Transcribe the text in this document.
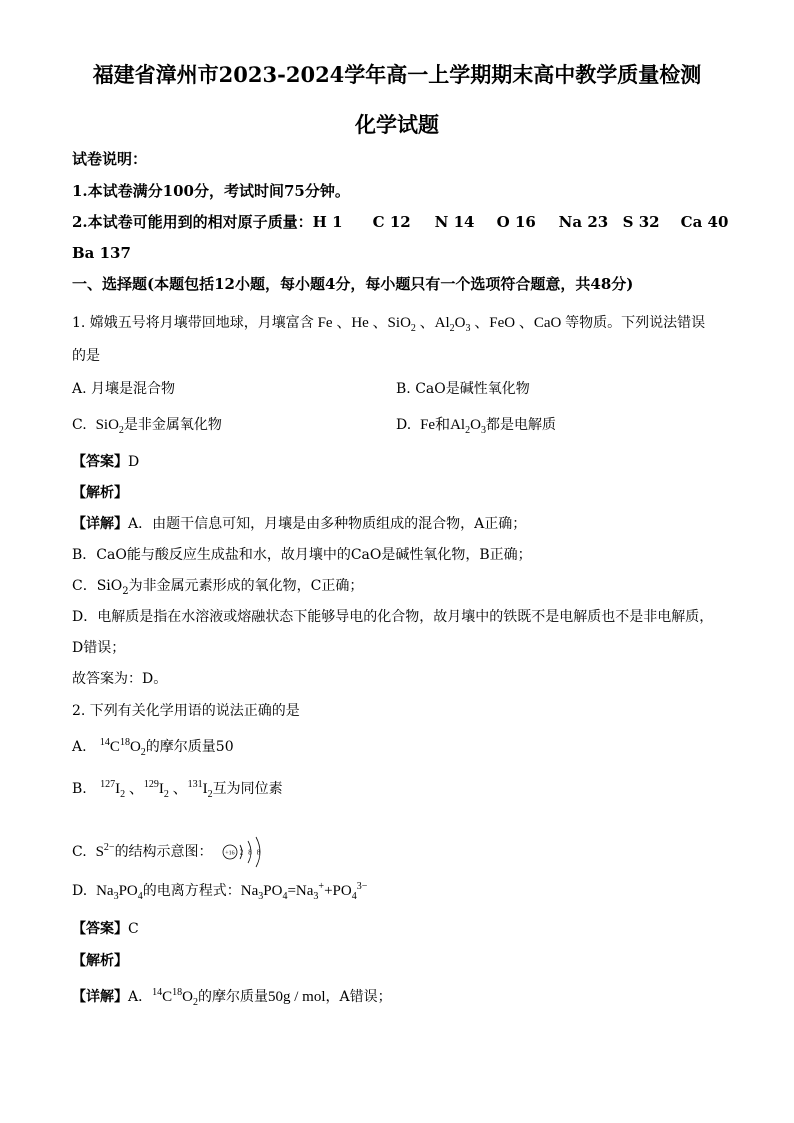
福建省漳州市2023-2024学年高一上学期期末高中教学质量检测
化学试题
试卷说明：
1.本试卷满分100分，考试时间75分钟。
2.本试卷可能用到的相对原子质量：H 1 C 12 N 14 O 16 Na 23 S 32 Ca 40
Ba 137
一、选择题(本题包括12小题，每小题4分，每小题只有一个选项符合题意，共48分)
1. 嫦娥五号将月壤带回地球，月壤富含 Fe 、He 、SiO$_2$ 、$Al_2O_3$ 、FeO 、CaO 等物质。下列说法错误
的是
A. 月壤是混合物	B. CaO是碱性氧化物
C. SiO$_2$是非金属氧化物	D. Fe和$Al_2O_3$都是电解质
【答案】D
【解析】
【详解】A．由题干信息可知，月壤是由多种物质组成的混合物，A正确；
B．CaO能与酸反应生成盐和水，故月壤中的CaO是碱性氧化物，B正确；
C．SiO$_2$为非金属元素形成的氧化物，C正确；
D．电解质是指在水溶液或熔融状态下能够导电的化合物，故月壤中的铁既不是电解质也不是非电解质，
D错误；
故答案为：D。
2. 下列有关化学用语的说法正确的是
A. $^{14}C^{18}O_2$的摩尔质量50
B. $^{127}I_2$ 、$^{129}I_2$ 、$^{131}I_2$互为同位素
C. $S^{2-}$的结构示意图： +16 2 8 8
D. $Na_3PO_4$的电离方程式：$Na_3PO_4=Na_3^++PO_4^{3-}$
【答案】C
【解析】
【详解】A．$^{14}C^{18}O_2$的摩尔质量50g / mol，A错误；
